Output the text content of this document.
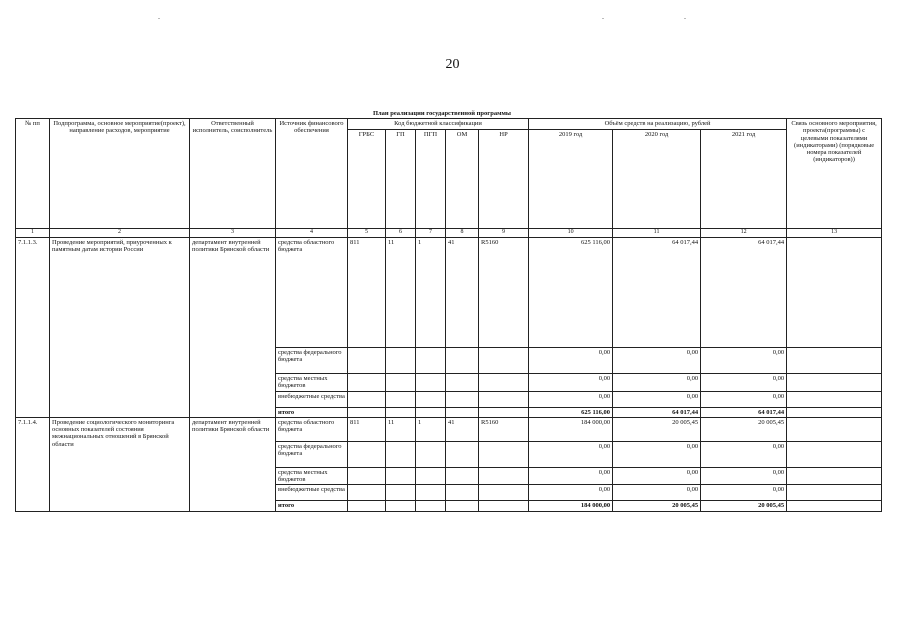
20
План реализации государственной программы
№ пп	Подпрограмма, основное мероприятие(проект), направление расходов, мероприятие	Ответственный исполнитель, соисполнитель	Источник финансового обеспечения	Код бюджетной классификации					Объём средств на реализацию, рублей			Связь основного мероприятия, проекта(программы) с целевыми показателями (индикаторами) (порядковые номера показателей (индикаторов))
				ГРБС	ГП	ПГП	ОМ	НР	2019 год	2020 год	2021 год	
1	2	3	4	5	6	7	8	9	10	11	12	13
7.1.1.3.	Проведение мероприятий, приуроченных к памятным датам истории России	департамент внутренней политики Брянской области	средства областного бюджета	811	11	1	41	R5160	625 116,00	64 017,44	64 017,44	
			средства федерального бюджета						0,00	0,00	0,00	
			средства местных бюджетов						0,00	0,00	0,00	
			внебюджетные средства						0,00	0,00	0,00	
			итого						625 116,00	64 017,44	64 017,44	
7.1.1.4.	Проведение социологического мониторинга основных показателей состояния межнациональных отношений в Брянской области	департамент внутренней политики Брянской области	средства областного бюджета	811	11	1	41	R5160	184 000,00	20 005,45	20 005,45	
			средства федерального бюджета						0,00	0,00	0,00	
			средства местных бюджетов						0,00	0,00	0,00	
			внебюджетные средства						0,00	0,00	0,00	
			итого						184 000,00	20 005,45	20 005,45	
